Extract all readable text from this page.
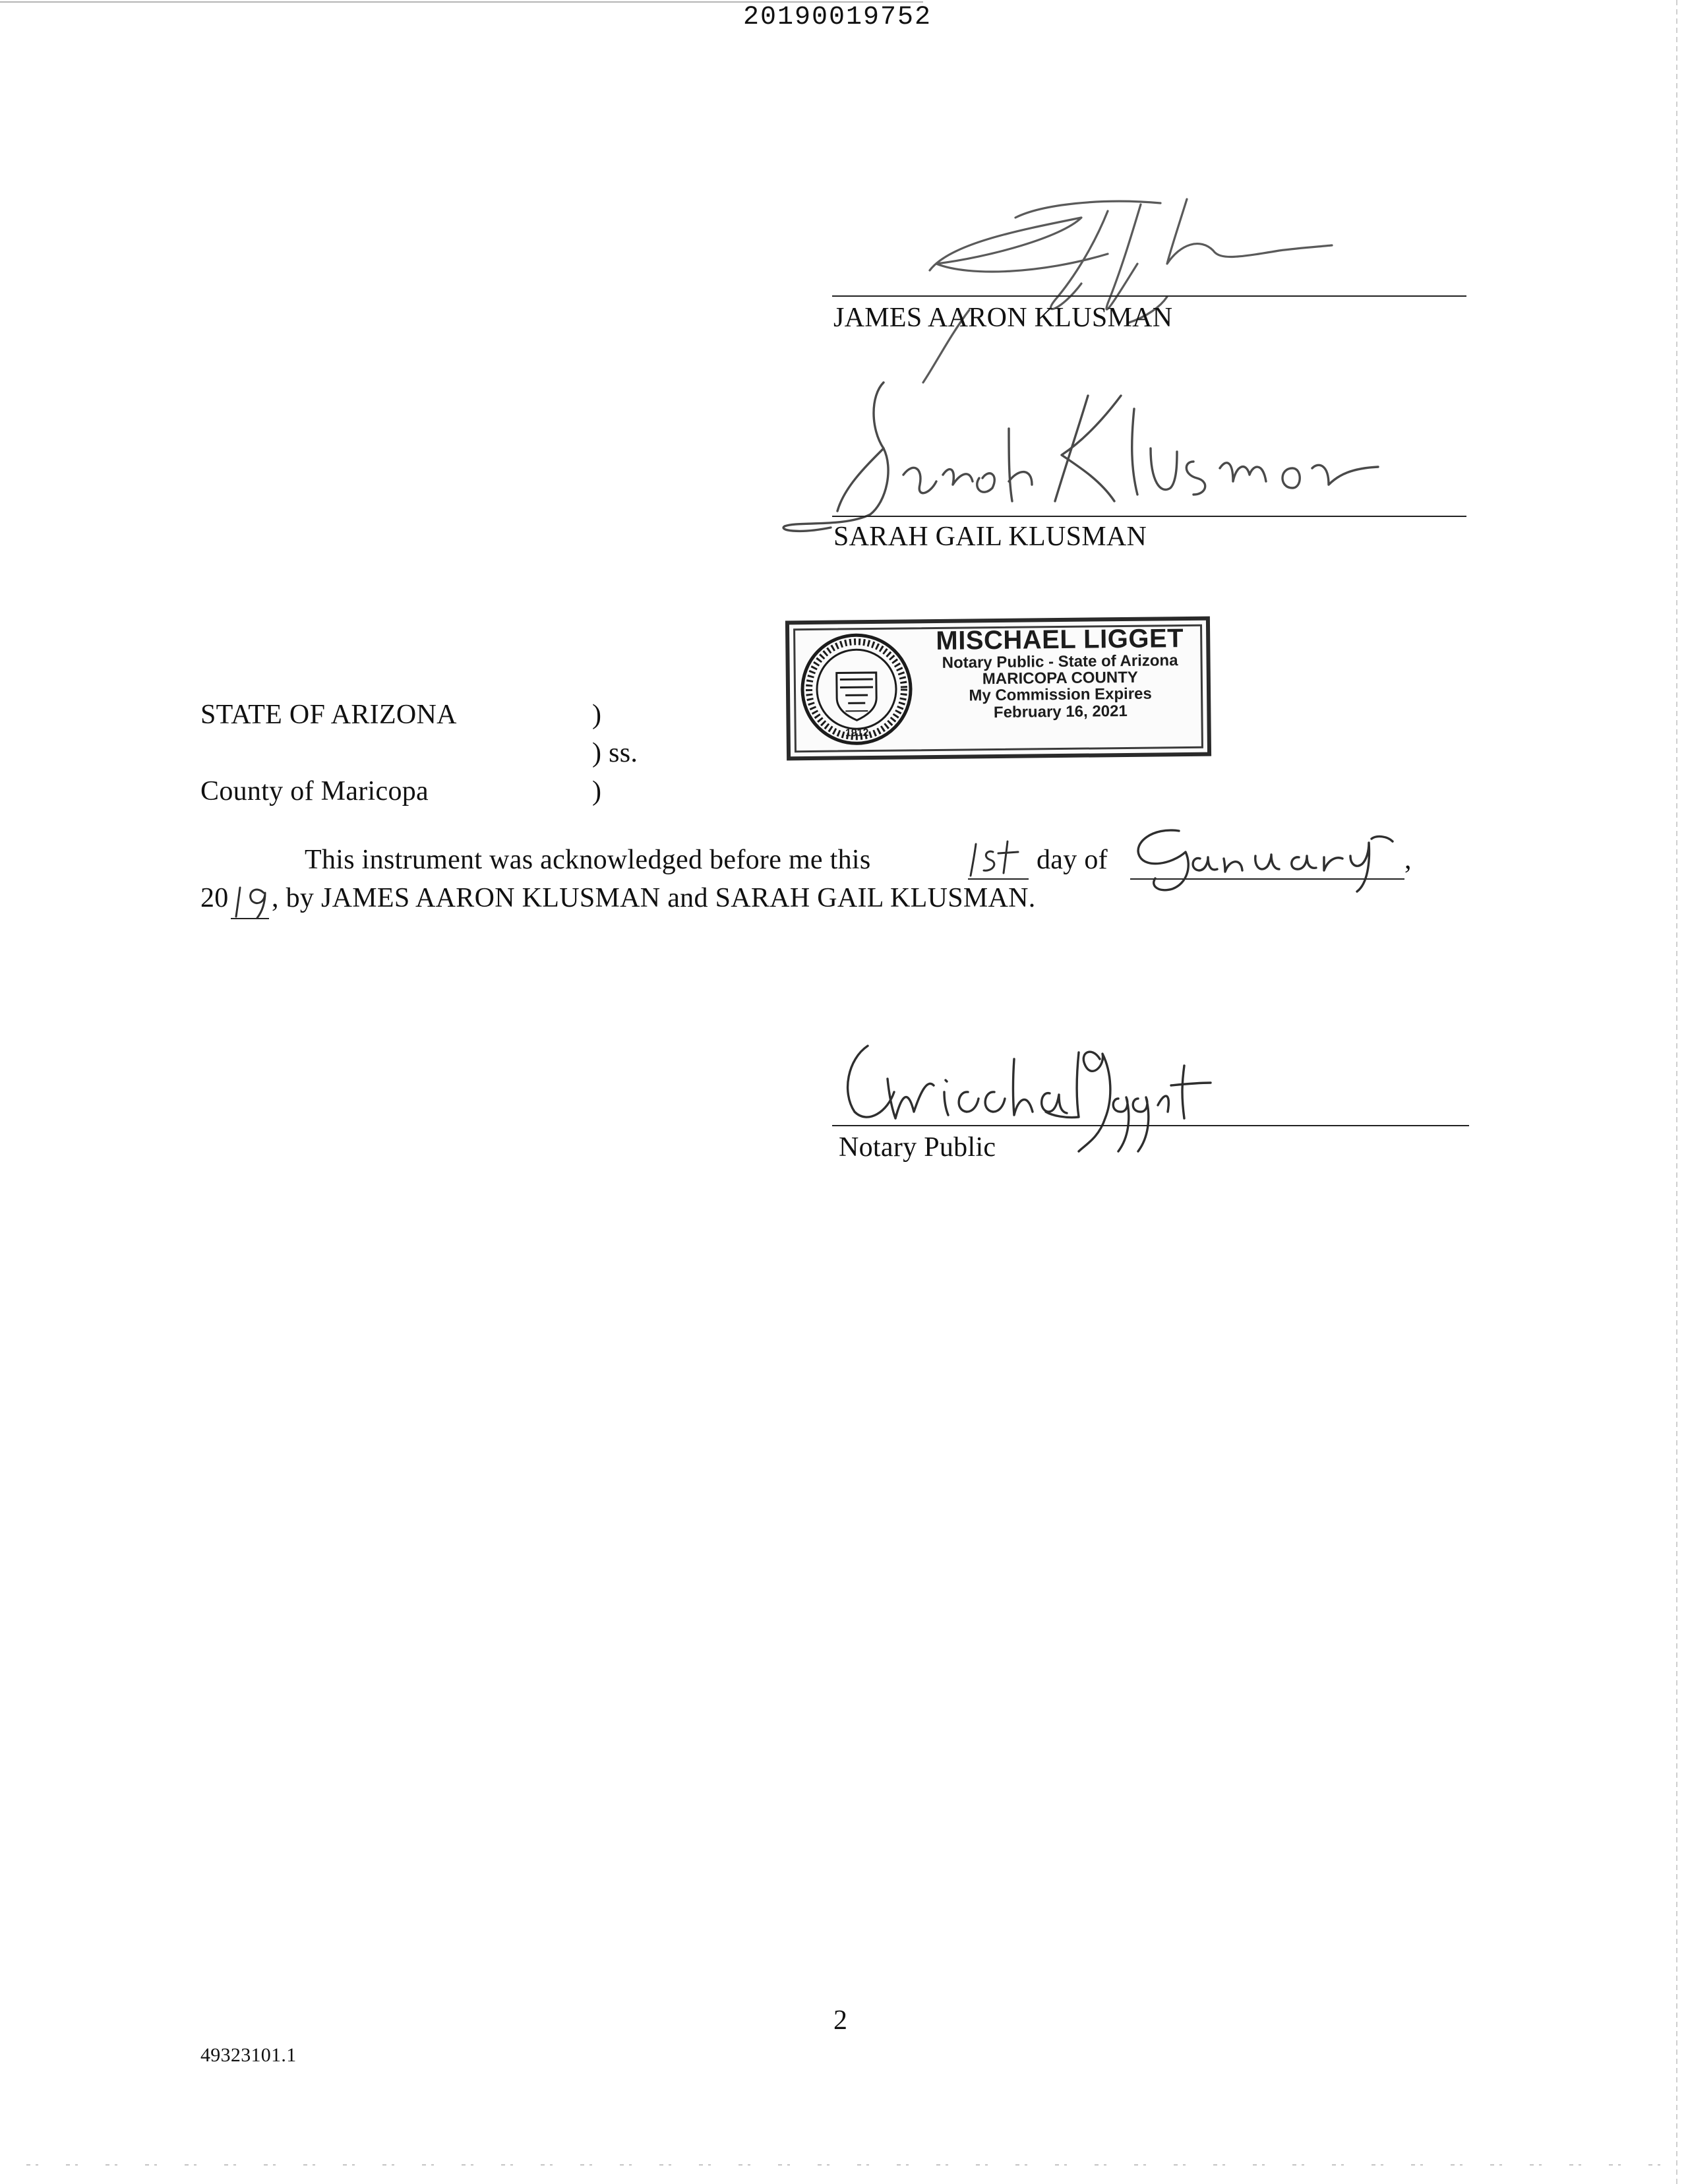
20190019752
JAMES AARON KLUSMAN
SARAH GAIL KLUSMAN
1912
MISCHAEL LIGGET
Notary Public - State of Arizona
MARICOPA COUNTY
My Commission Expires
February 16, 2021
STATE OF ARIZONA	)
) ss.
County of Maricopa	)
This instrument was acknowledged before me this	day of	,
20 , by JAMES AARON KLUSMAN and SARAH GAIL KLUSMAN.
Notary Public
2
49323101.1
